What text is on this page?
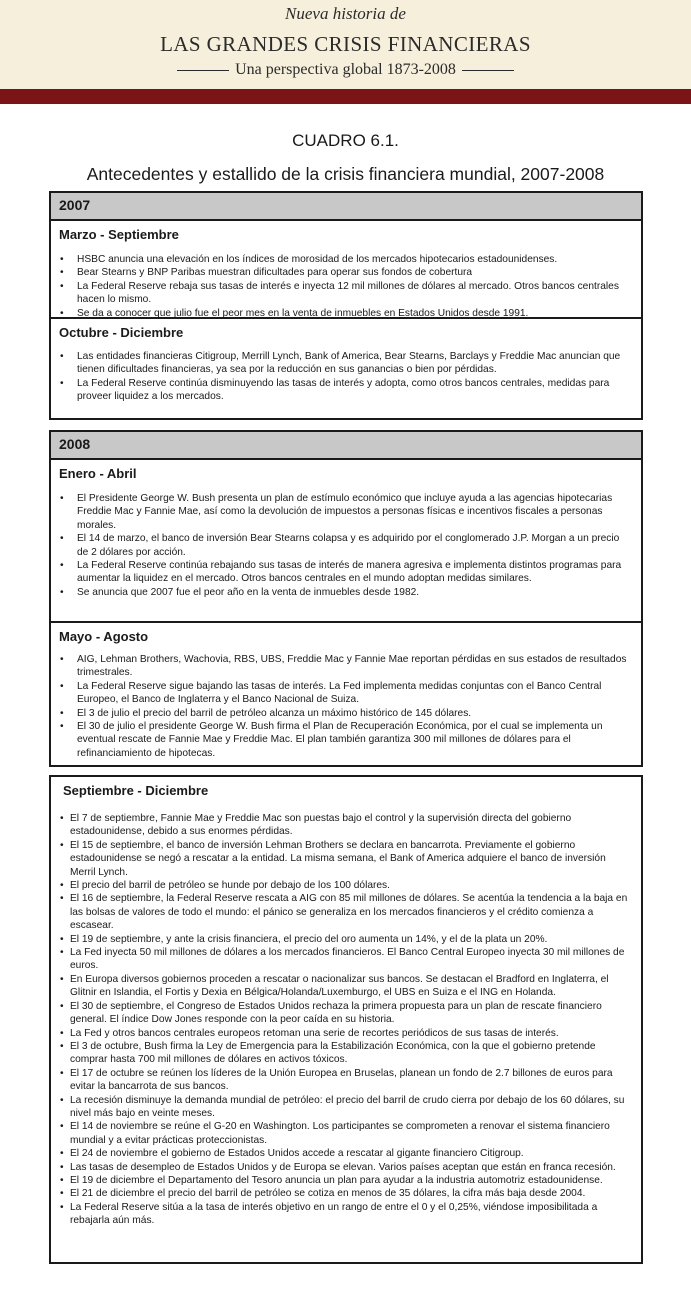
Nueva historia de
LAS GRANDES CRISIS FINANCIERAS
Una perspectiva global 1873-2008
CUADRO 6.1.
Antecedentes y estallido de la crisis financiera mundial, 2007-2008
2007
Marzo - Septiembre
• HSBC anuncia una elevación en los índices de morosidad de los mercados hipotecarios estadounidenses.
• Bear Stearns y BNP Paribas muestran dificultades para operar sus fondos de cobertura
• La Federal Reserve rebaja sus tasas de interés e inyecta 12 mil millones de dólares al mercado. Otros bancos centrales hacen lo mismo.
• Se da a conocer que julio fue el peor mes en la venta de inmuebles en Estados Unidos desde 1991.
Octubre - Diciembre
• Las entidades financieras Citigroup, Merrill Lynch, Bank of America, Bear Stearns, Barclays y Freddie Mac anuncian que tienen dificultades financieras, ya sea por la reducción en sus ganancias o bien por pérdidas.
• La Federal Reserve continúa disminuyendo las tasas de interés y adopta, como otros bancos centrales, medidas para proveer liquidez a los mercados.
2008
Enero - Abril
• El Presidente George W. Bush presenta un plan de estímulo económico que incluye ayuda a las agencias hipotecarias Freddie Mac y Fannie Mae, así como la devolución de impuestos a personas físicas e incentivos fiscales a personas morales.
• El 14 de marzo, el banco de inversión Bear Stearns colapsa y es adquirido por el conglomerado J.P. Morgan a un precio de 2 dólares por acción.
• La Federal Reserve continúa rebajando sus tasas de interés de manera agresiva e implementa distintos programas para aumentar la liquidez en el mercado. Otros bancos centrales en el mundo adoptan medidas similares.
• Se anuncia que 2007 fue el peor año en la venta de inmuebles desde 1982.
Mayo - Agosto
• AIG, Lehman Brothers, Wachovia, RBS, UBS, Freddie Mac y Fannie Mae reportan pérdidas en sus estados de resultados trimestrales.
• La Federal Reserve sigue bajando las tasas de interés. La Fed implementa medidas conjuntas con el Banco Central Europeo, el Banco de Inglaterra y el Banco Nacional de Suiza.
• El 3 de julio el precio del barril de petróleo alcanza un máximo histórico de 145 dólares.
• El 30 de julio el presidente George W. Bush firma el Plan de Recuperación Económica, por el cual se implementa un eventual rescate de Fannie Mae y Freddie Mac. El plan también garantiza 300 mil millones de dólares para el refinanciamiento de hipotecas.
Septiembre - Diciembre
• El 7 de septiembre, Fannie Mae y Freddie Mac son puestas bajo el control y la supervisión directa del gobierno estadounidense, debido a sus enormes pérdidas.
• El 15 de septiembre, el banco de inversión Lehman Brothers se declara en bancarrota. Previamente el gobierno estadounidense se negó a rescatar a la entidad. La misma semana, el Bank of America adquiere el banco de inversión Merril Lynch.
• El precio del barril de petróleo se hunde por debajo de los 100 dólares.
• El 16 de septiembre, la Federal Reserve rescata a AIG con 85 mil millones de dólares. Se acentúa la tendencia a la baja en las bolsas de valores de todo el mundo: el pánico se generaliza en los mercados financieros y el crédito comienza a escasear.
• El 19 de septiembre, y ante la crisis financiera, el precio del oro aumenta un 14%, y el de la plata un 20%.
• La Fed inyecta 50 mil millones de dólares a los mercados financieros. El Banco Central Europeo inyecta 30 mil millones de euros.
• En Europa diversos gobiernos proceden a rescatar o nacionalizar sus bancos. Se destacan el Bradford en Inglaterra, el Glitnir en Islandia, el Fortis y Dexia en Bélgica/Holanda/Luxemburgo, el UBS en Suiza e el ING en Holanda.
• El 30 de septiembre, el Congreso de Estados Unidos rechaza la primera propuesta para un plan de rescate financiero general. El índice Dow Jones responde con la peor caída en su historia.
• La Fed y otros bancos centrales europeos retoman una serie de recortes periódicos de sus tasas de interés.
• El 3 de octubre, Bush firma la Ley de Emergencia para la Estabilización Económica, con la que el gobierno pretende comprar hasta 700 mil millones de dólares en activos tóxicos.
• El 17 de octubre se reúnen los líderes de la Unión Europea en Bruselas, planean un fondo de 2.7 billones de euros para evitar la bancarrota de sus bancos.
• La recesión disminuye la demanda mundial de petróleo: el precio del barril de crudo cierra por debajo de los 60 dólares, su nivel más bajo en veinte meses.
• El 14 de noviembre se reúne el G-20 en Washington. Los participantes se comprometen a renovar el sistema financiero mundial y a evitar prácticas proteccionistas.
• El 24 de noviembre el gobierno de Estados Unidos accede a rescatar al gigante financiero Citigroup.
• Las tasas de desempleo de Estados Unidos y de Europa se elevan. Varios países aceptan que están en franca recesión.
• El 19 de diciembre el Departamento del Tesoro anuncia un plan para ayudar a la industria automotriz estadounidense.
• El 21 de diciembre el precio del barril de petróleo se cotiza en menos de 35 dólares, la cifra más baja desde 2004.
• La Federal Reserve sitúa a la tasa de interés objetivo en un rango de entre el 0 y el 0,25%, viéndose imposibilitada a rebajarla aún más.
